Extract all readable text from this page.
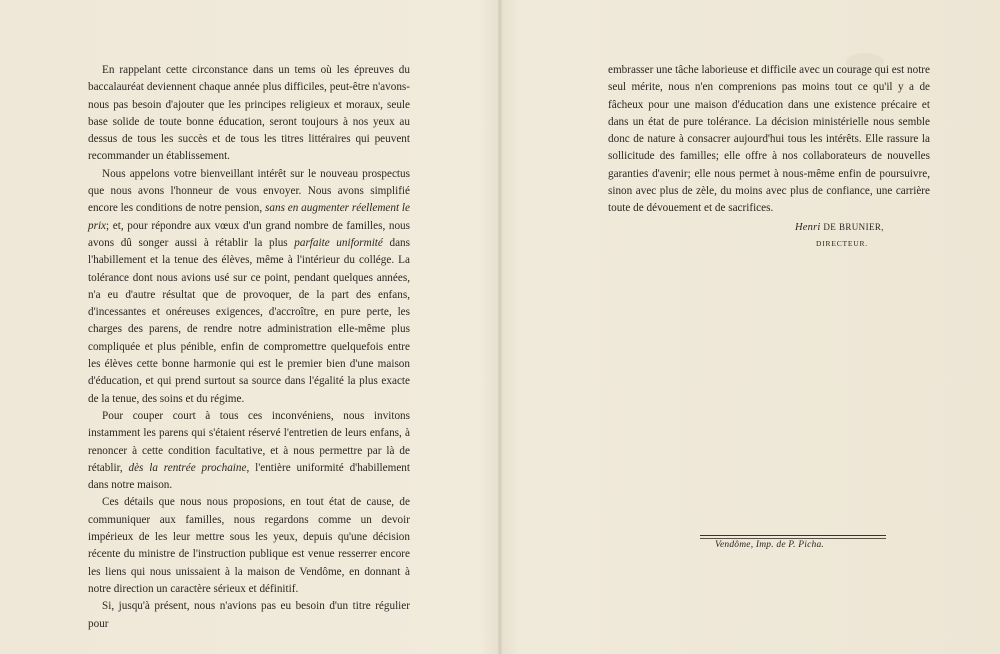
En rappelant cette circonstance dans un tems où les épreuves du baccalauréat deviennent chaque année plus difficiles, peut-être n'avons-nous pas besoin d'ajouter que les principes religieux et moraux, seule base solide de toute bonne éducation, seront toujours à nos yeux au dessus de tous les succès et de tous les titres littéraires qui peuvent recommander un établissement.

Nous appelons votre bienveillant intérêt sur le nouveau prospectus que nous avons l'honneur de vous envoyer. Nous avons simplifié encore les conditions de notre pension, sans en augmenter réellement le prix; et, pour répondre aux vœux d'un grand nombre de familles, nous avons dû songer aussi à rétablir la plus parfaite uniformité dans l'habillement et la tenue des élèves, même à l'intérieur du collége. La tolérance dont nous avions usé sur ce point, pendant quelques années, n'a eu d'autre résultat que de provoquer, de la part des enfans, d'incessantes et onéreuses exigences, d'accroître, en pure perte, les charges des parens, de rendre notre administration elle-même plus compliquée et plus pénible, enfin de compromettre quelquefois entre les élèves cette bonne harmonie qui est le premier bien d'une maison d'éducation, et qui prend surtout sa source dans l'égalité la plus exacte de la tenue, des soins et du régime.

Pour couper court à tous ces inconvéniens, nous invitons instamment les parens qui s'étaient réservé l'entretien de leurs enfans, à renoncer à cette condition facultative, et à nous permettre par là de rétablir, dès la rentrée prochaine, l'entière uniformité d'habillement dans notre maison.

Ces détails que nous nous proposions, en tout état de cause, de communiquer aux familles, nous regardons comme un devoir impérieux de les leur mettre sous les yeux, depuis qu'une décision récente du ministre de l'instruction publique est venue resserrer encore les liens qui nous unissaient à la maison de Vendôme, en donnant à notre direction un caractère sérieux et définitif.

Si, jusqu'à présent, nous n'avions pas eu besoin d'un titre régulier pour

embrasser une tâche laborieuse et difficile avec un courage qui est notre seul mérite, nous n'en comprenions pas moins tout ce qu'il y a de fâcheux pour une maison d'éducation dans une existence précaire et dans un état de pure tolérance. La décision ministérielle nous semble donc de nature à consacrer aujourd'hui tous les intérêts. Elle rassure la sollicitude des familles; elle offre à nos collaborateurs de nouvelles garanties d'avenir; elle nous permet à nous-même enfin de poursuivre, sinon avec plus de zèle, du moins avec plus de confiance, une carrière toute de dévouement et de sacrifices.

Henri DE BRUNIER,
DIRECTEUR.
Vendôme, Imp. de P. Picha.
